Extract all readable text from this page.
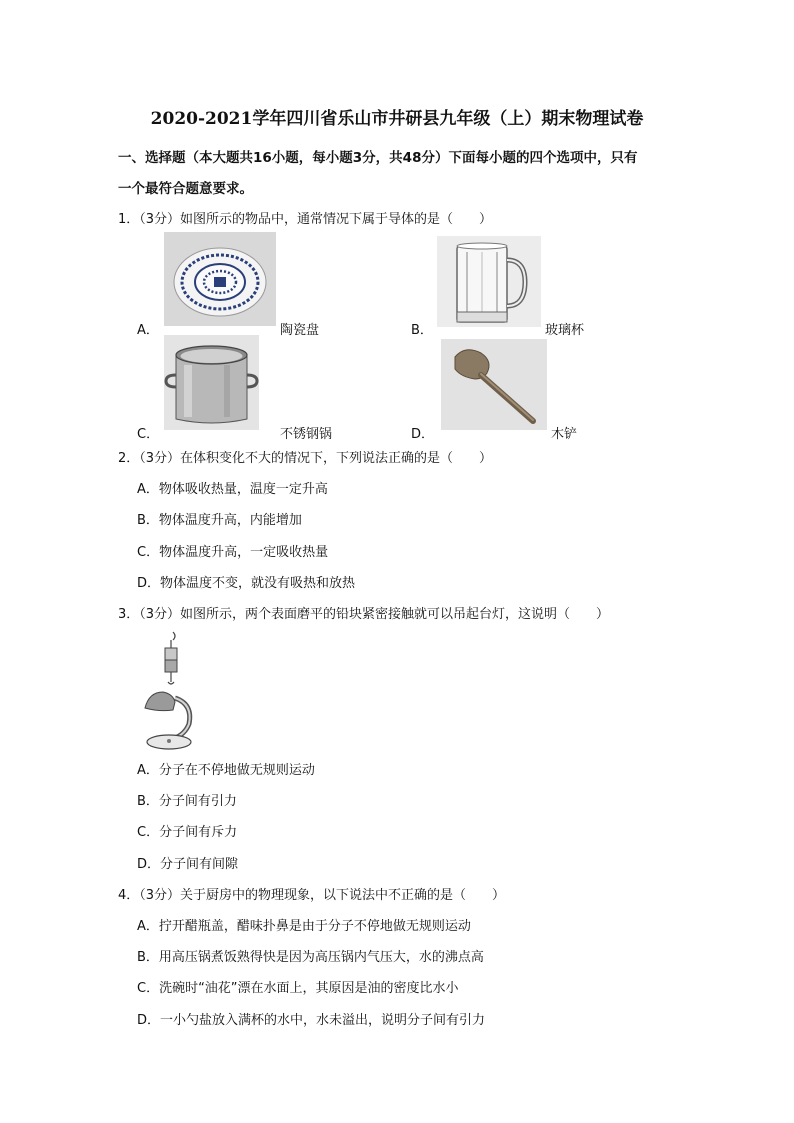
2020-2021学年四川省乐山市井研县九年级（上）期末物理试卷
一、选择题（本大题共16小题，每小题3分，共48分）下面每小题的四个选项中，只有
一个最符合题意要求。
1．（3分）如图所示的物品中，通常情况下属于导体的是（　　）
A．	陶瓷盘	B．	玻璃杯
C．	不锈钢锅	D．	木铲
2．（3分）在体积变化不大的情况下，下列说法正确的是（　　）
A．物体吸收热量，温度一定升高
B．物体温度升高，内能增加
C．物体温度升高，一定吸收热量
D．物体温度不变，就没有吸热和放热
3．（3分）如图所示，两个表面磨平的铅块紧密接触就可以吊起台灯，这说明（　　）
A．分子在不停地做无规则运动
B．分子间有引力
C．分子间有斥力
D．分子间有间隙
4．（3分）关于厨房中的物理现象，以下说法中不正确的是（　　）
A．拧开醋瓶盖，醋味扑鼻是由于分子不停地做无规则运动
B．用高压锅煮饭熟得快是因为高压锅内气压大，水的沸点高
C．洗碗时“油花”漂在水面上，其原因是油的密度比水小
D．一小勺盐放入满杯的水中，水未溢出，说明分子间有引力
